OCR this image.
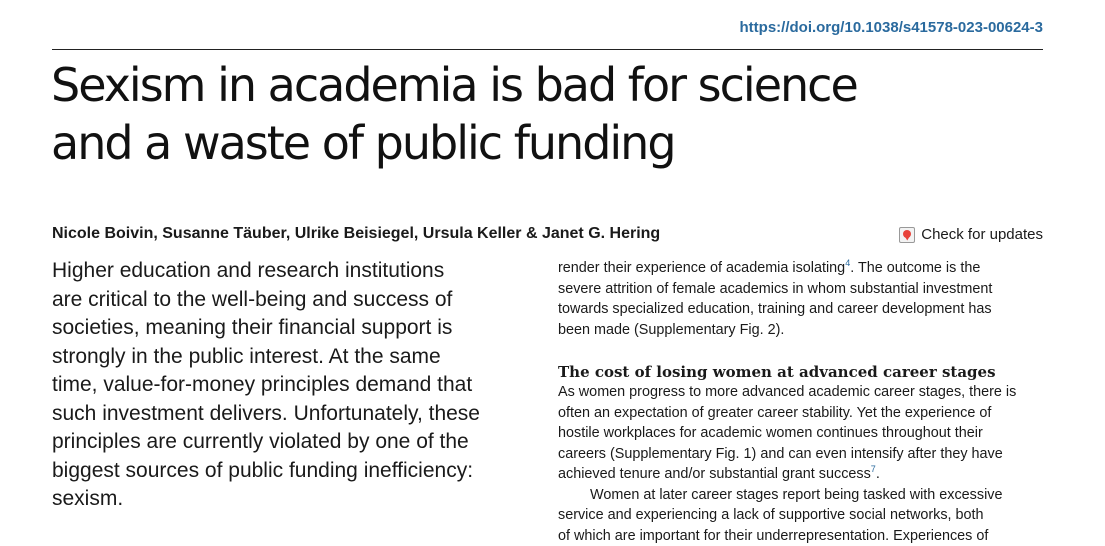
https://doi.org/10.1038/s41578-023-00624-3
Sexism in academia is bad for science
and a waste of public funding
Nicole Boivin, Susanne Täuber, Ulrike Beisiegel, Ursula Keller & Janet G. Hering	Check for updates

Higher education and research institutions
are critical to the well-being and success of
societies, meaning their financial support is
strongly in the public interest. At the same
time, value-for-money principles demand that
such investment delivers. Unfortunately, these
principles are currently violated by one of the
biggest sources of public funding inefficiency:
sexism.

render their experience of academia isolating$^4$. The outcome is the
severe attrition of female academics in whom substantial investment
towards specialized education, training and career development has
been made (Supplementary Fig. 2).

The cost of losing women at advanced career stages

As women progress to more advanced academic career stages, there is
often an expectation of greater career stability. Yet the experience of
hostile workplaces for academic women continues throughout their
careers (Supplementary Fig. 1) and can even intensify after they have
achieved tenure and/or substantial grant success$^7$.

Women at later career stages report being tasked with excessive
service and experiencing a lack of supportive social networks, both
of which are important for their underrepresentation. Experiences of
